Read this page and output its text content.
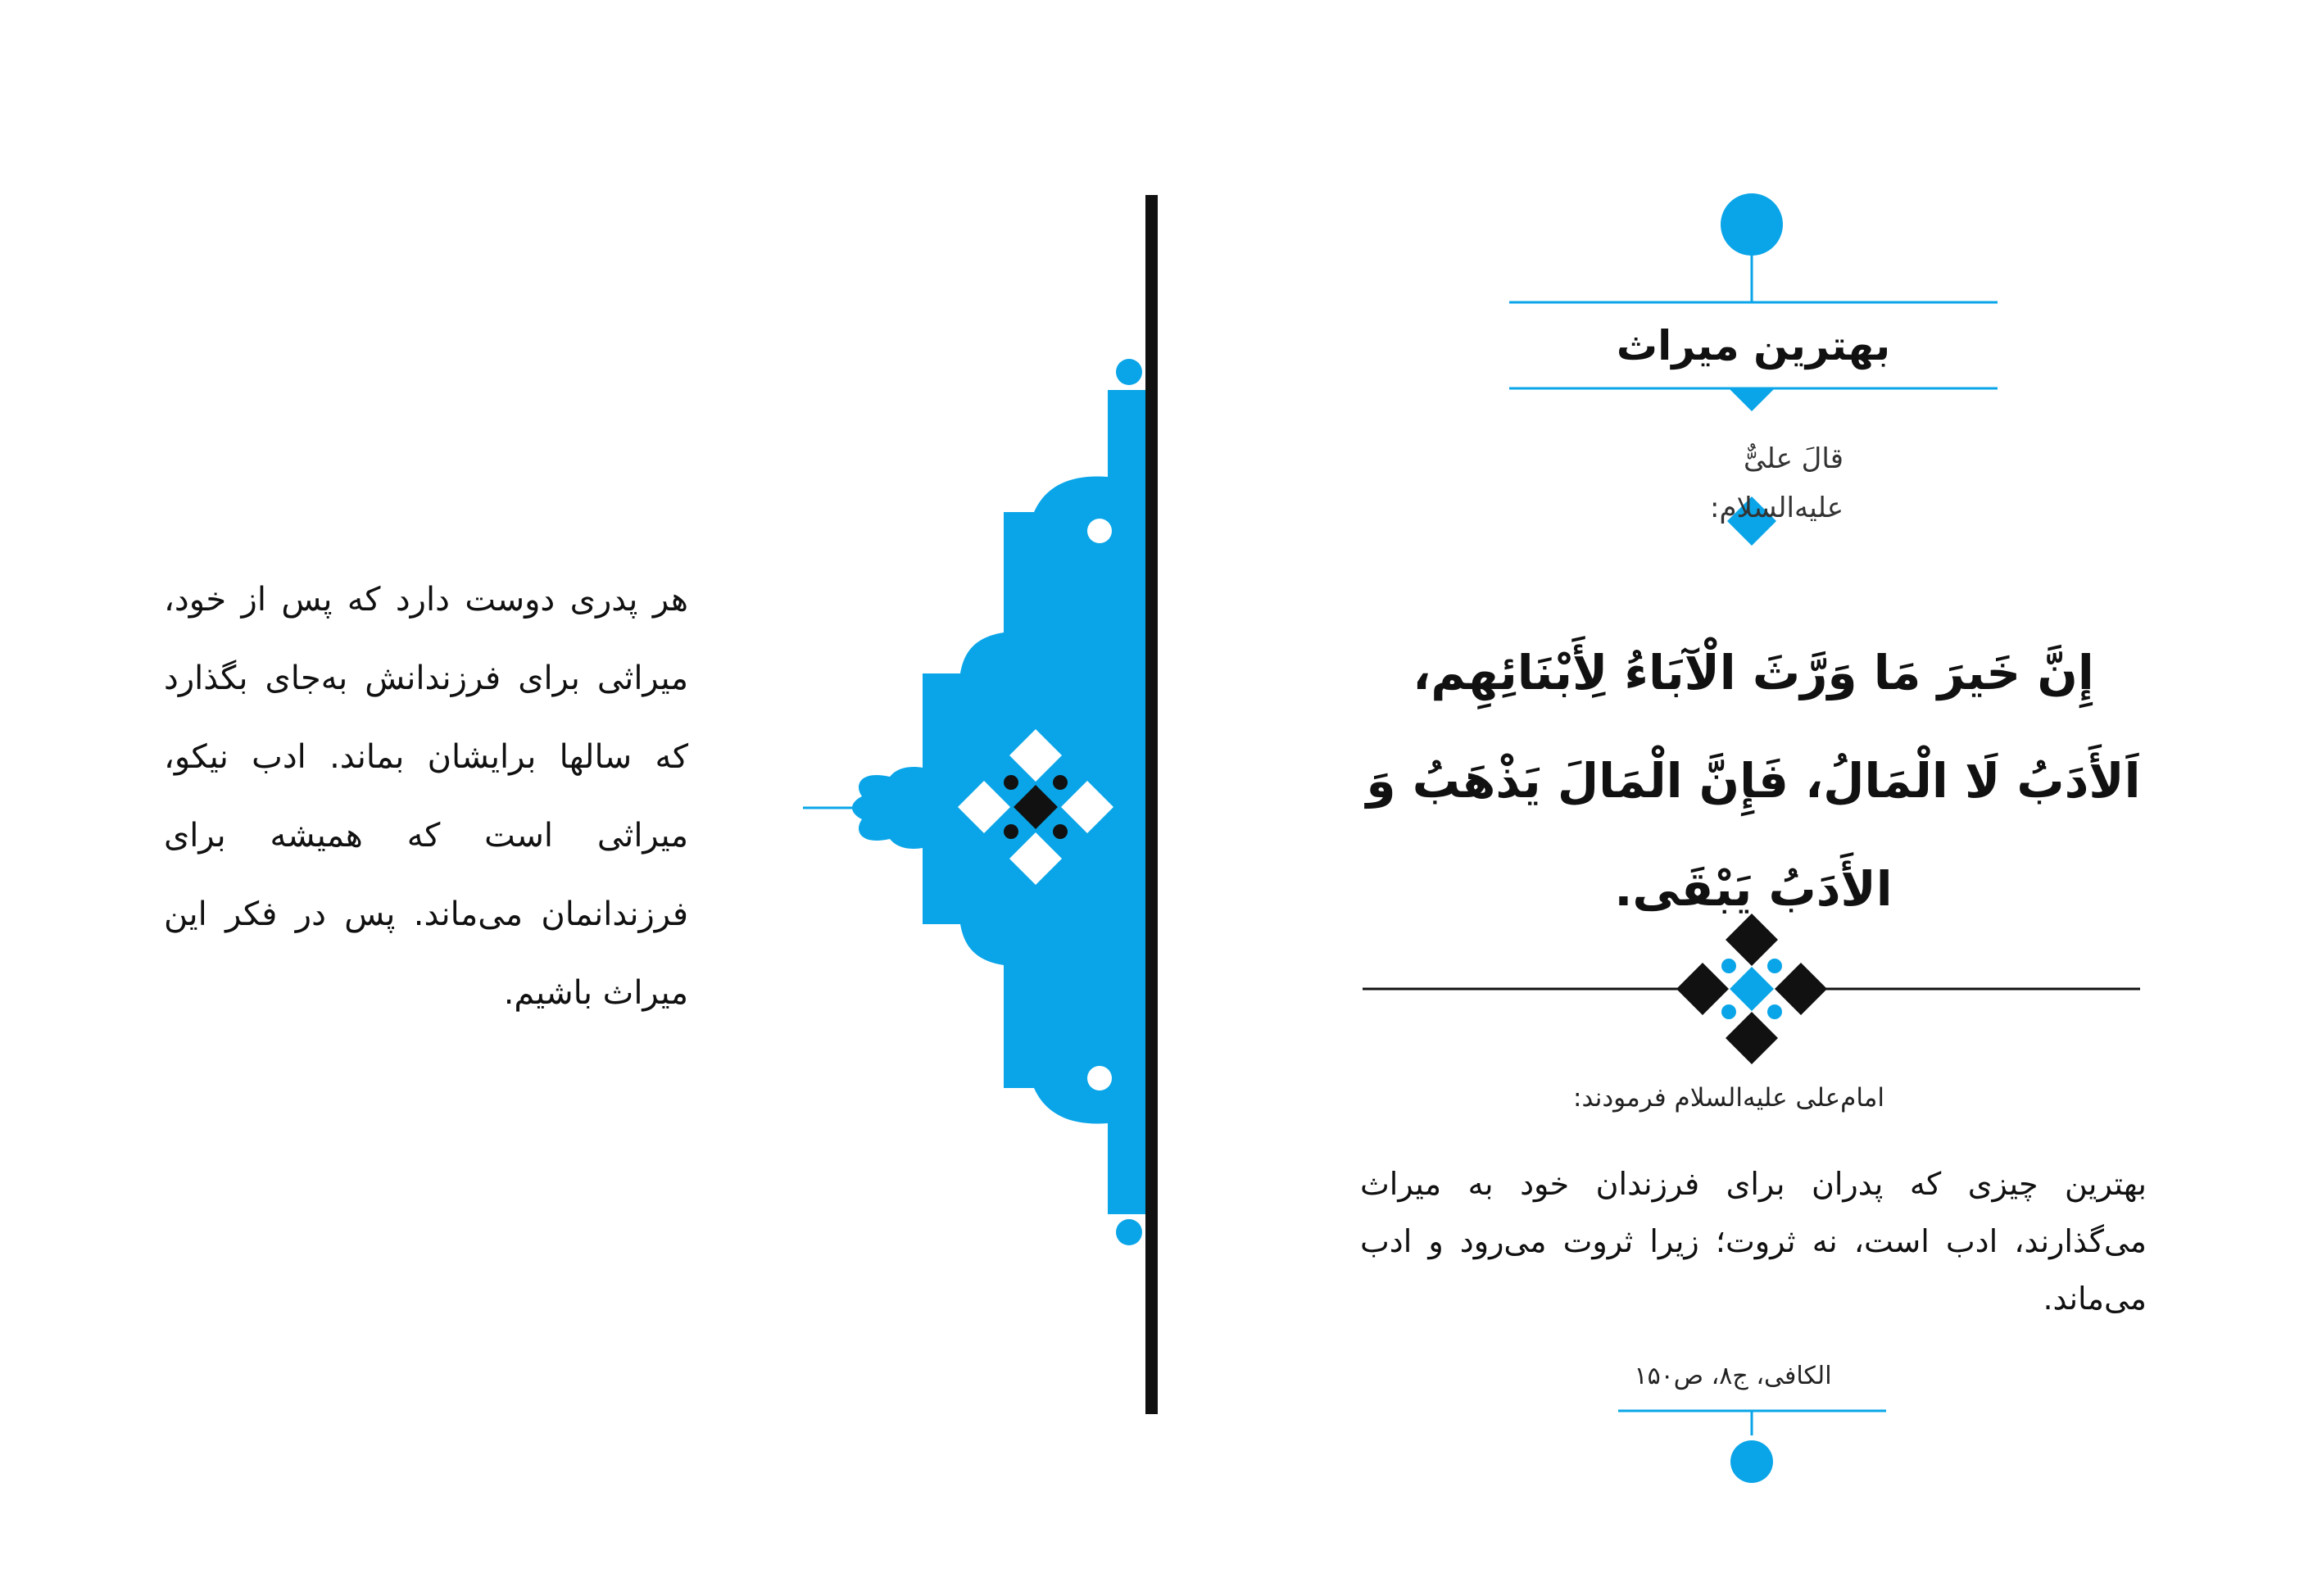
بهترین میراث
قالَ علیٌّ عليه‌السلام:
إِنَّ خَیرَ مَا وَرَّثَ الْآبَاءُ لِأَبْنَائِهِم، اَلأَدَبُ لَا الْمَالُ، فَإِنَّ الْمَالَ یَذْهَبُ وَ الأَدَبُ یَبْقَی.
امام‌علی عليه‌السلام فرمودند:
بهترین چیزی که پدران برای فرزندان خود به میراث می‌گذارند، ادب است، نه ثروت؛ زیرا ثروت می‌رود و ادب می‌ماند.
الکافی، ج۸، ص۱۵۰
هر پدری دوست دارد که پس از خود، میراثی برای فرزندانش به‌جای بگذارد که سالها برایشان بماند. ادب نیکو، میراثی است که همیشه برای فرزندانمان می‌ماند. پس در فکر این میراث باشیم.
